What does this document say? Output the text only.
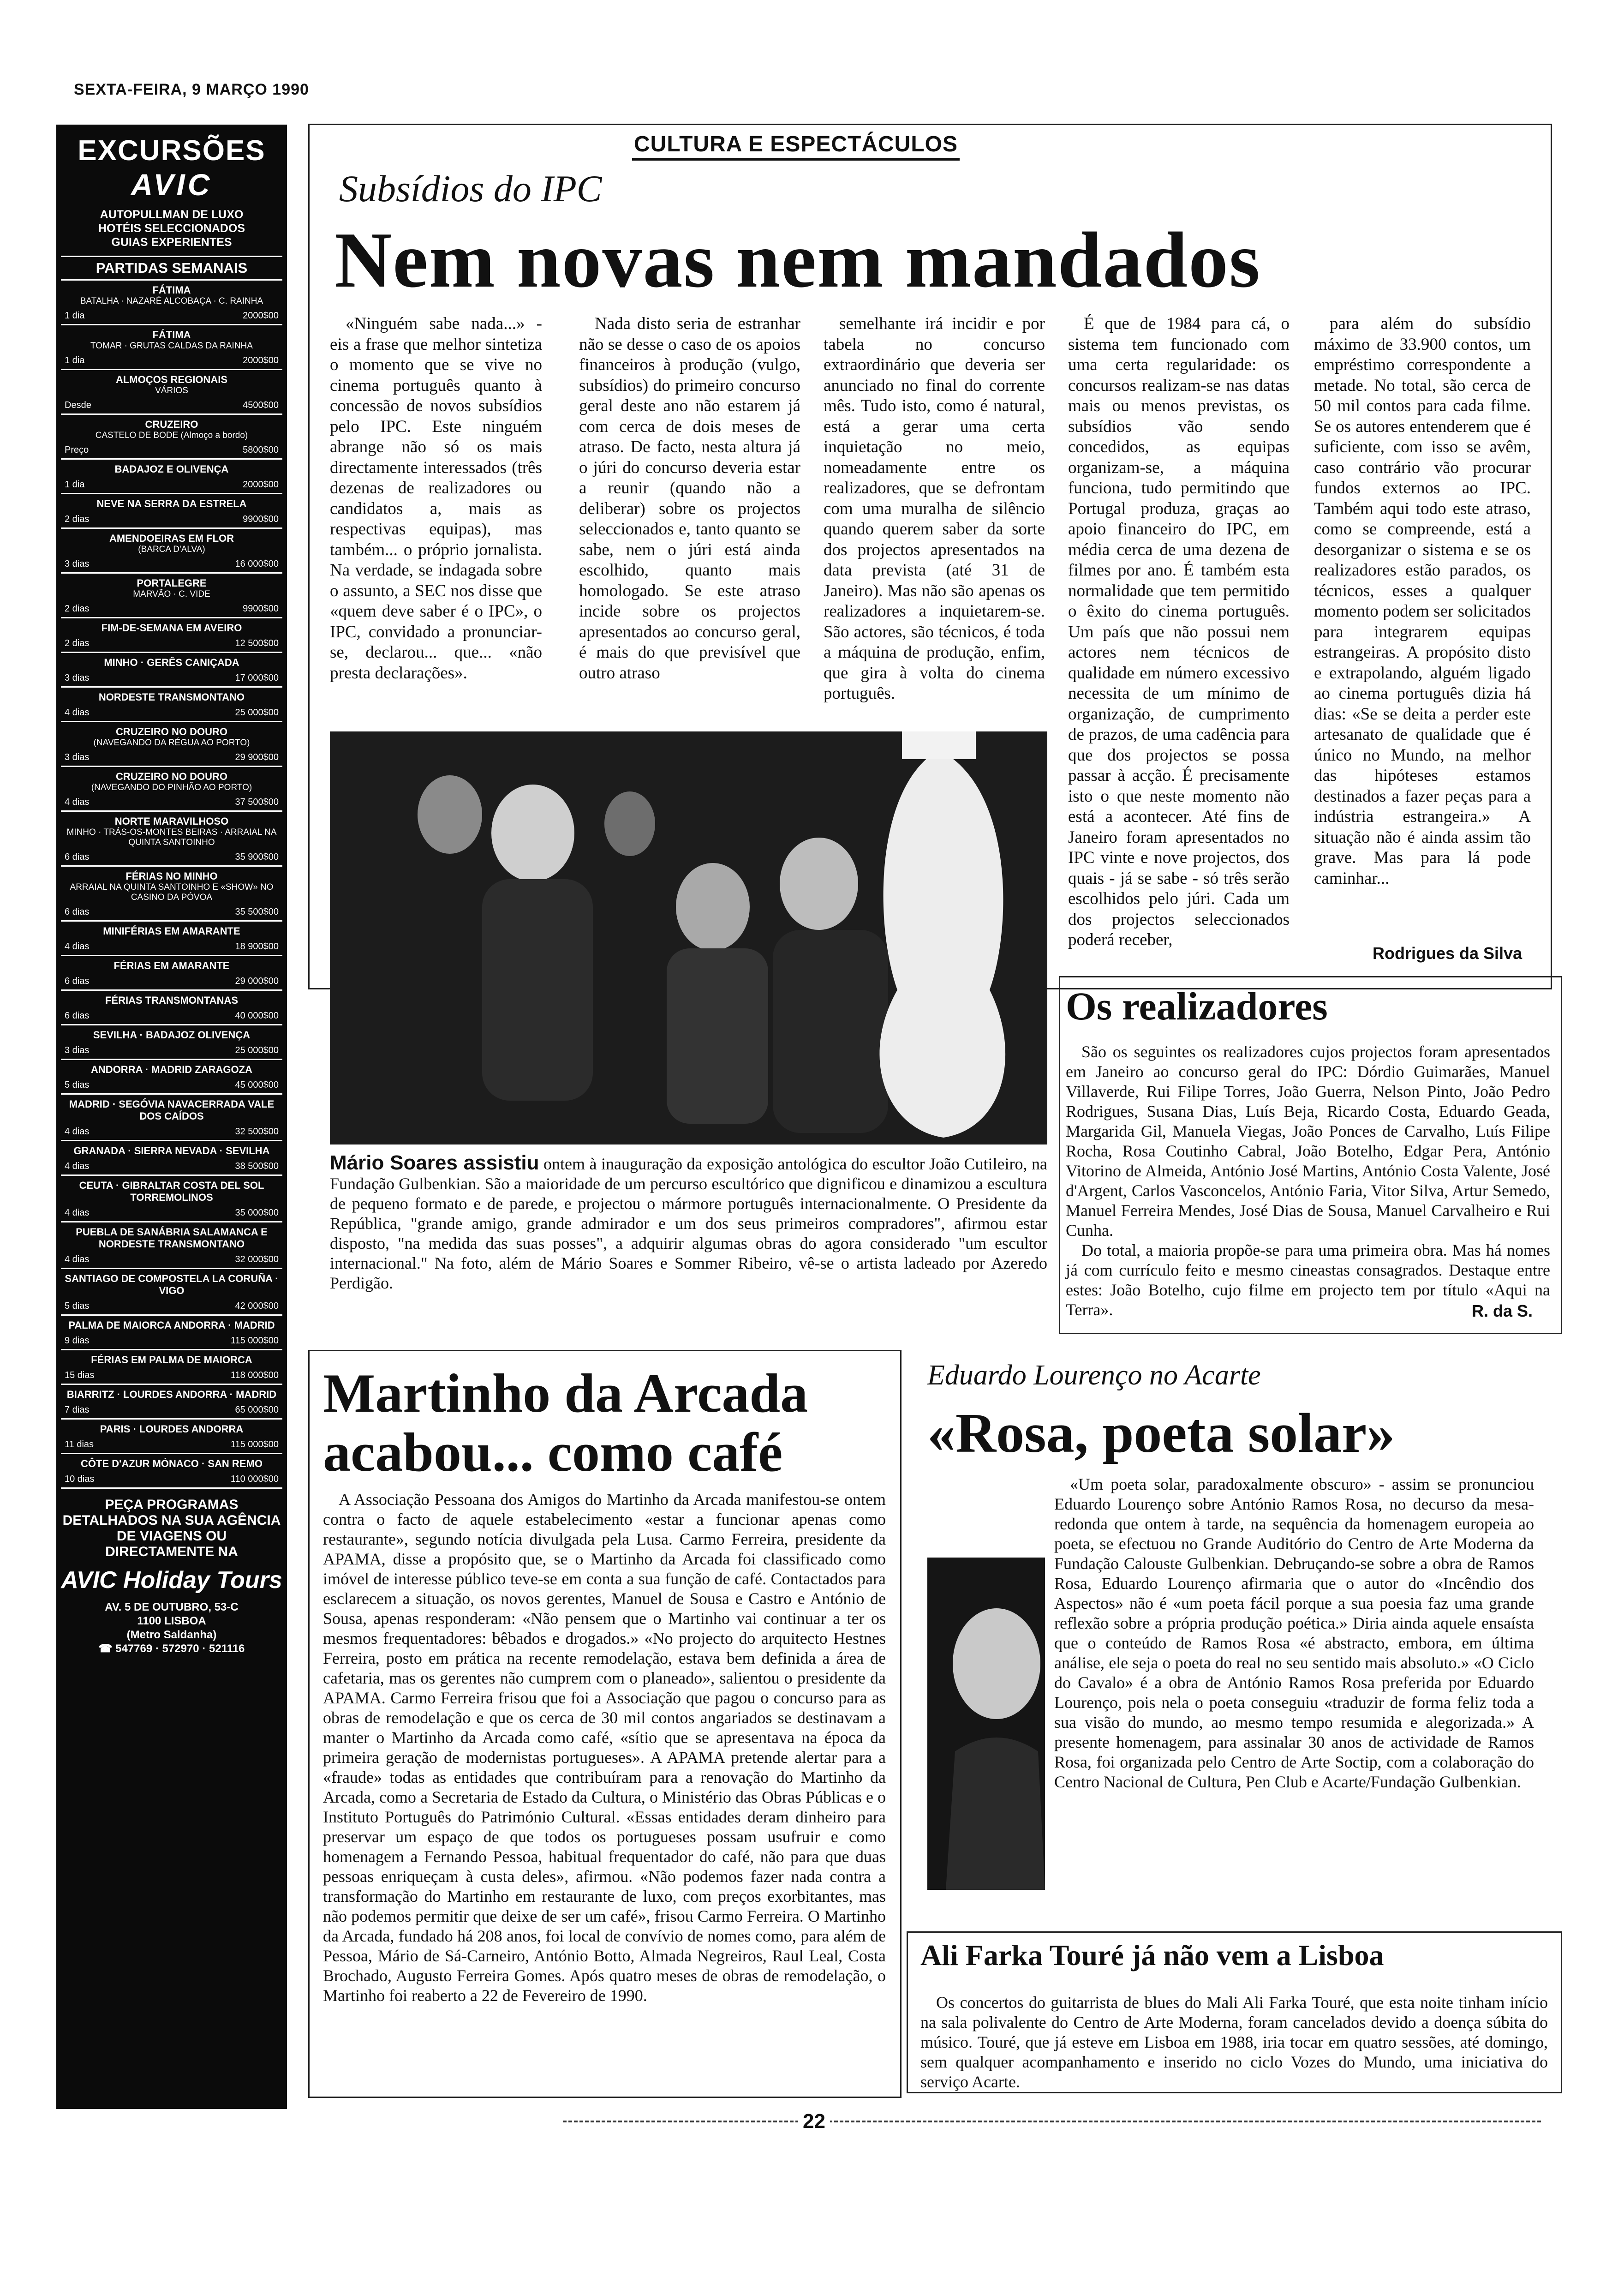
SEXTA-FEIRA, 9 MARÇO 1990
EXCURSÕES
AVIC
AUTOPULLMAN DE LUXO
HOTÉIS SELECCIONADOS
GUIAS EXPERIENTES
PARTIDAS SEMANAIS
FÁTIMA
BATALHA · NAZARÉ ALCOBAÇA · C. RAINHA
1 dia	2000$00
FÁTIMA
TOMAR · GRUTAS CALDAS DA RAINHA
1 dia	2000$00
ALMOÇOS REGIONAIS
VÁRIOS
Desde	4500$00
CRUZEIRO
CASTELO DE BODE (Almoço a bordo)
Preço	5800$00
BADAJOZ E OLIVENÇA
1 dia	2000$00
NEVE NA SERRA DA ESTRELA
2 dias	9900$00
AMENDOEIRAS EM FLOR
(BARCA D'ALVA)
3 dias	16 000$00
PORTALEGRE
MARVÃO · C. VIDE
2 dias	9900$00
FIM-DE-SEMANA EM AVEIRO
2 dias	12 500$00
MINHO · GERÊS CANIÇADA
3 dias	17 000$00
NORDESTE TRANSMONTANO
4 dias	25 000$00
CRUZEIRO NO DOURO
(NAVEGANDO DA RÉGUA AO PORTO)
3 dias	29 900$00
CRUZEIRO NO DOURO
(NAVEGANDO DO PINHÃO AO PORTO)
4 dias	37 500$00
NORTE MARAVILHOSO
MINHO · TRÁS-OS-MONTES BEIRAS · ARRAIAL NA QUINTA SANTOINHO
6 dias	35 900$00
FÉRIAS NO MINHO
ARRAIAL NA QUINTA SANTOINHO E «SHOW» NO CASINO DA PÓVOA
6 dias	35 500$00
MINIFÉRIAS EM AMARANTE
4 dias	18 900$00
FÉRIAS EM AMARANTE
6 dias	29 000$00
FÉRIAS TRANSMONTANAS
6 dias	40 000$00
SEVILHA · BADAJOZ OLIVENÇA
3 dias	25 000$00
ANDORRA · MADRID ZARAGOZA
5 dias	45 000$00
MADRID · SEGÓVIA NAVACERRADA VALE DOS CAÍDOS
4 dias	32 500$00
GRANADA · SIERRA NEVADA · SEVILHA
4 dias	38 500$00
CEUTA · GIBRALTAR COSTA DEL SOL TORREMOLINOS
4 dias	35 000$00
PUEBLA DE SANÁBRIA SALAMANCA E NORDESTE TRANSMONTANO
4 dias	32 000$00
SANTIAGO DE COMPOSTELA LA CORUÑA · VIGO
5 dias	42 000$00
PALMA DE MAIORCA ANDORRA · MADRID
9 dias	115 000$00
FÉRIAS EM PALMA DE MAIORCA
15 dias	118 000$00
BIARRITZ · LOURDES ANDORRA · MADRID
7 dias	65 000$00
PARIS · LOURDES ANDORRA
11 dias	115 000$00
CÔTE D'AZUR MÓNACO · SAN REMO
10 dias	110 000$00
PEÇA PROGRAMAS DETALHADOS NA SUA AGÊNCIA DE VIAGENS OU DIRECTAMENTE NA
AVIC Holiday Tours
AV. 5 DE OUTUBRO, 53-C
1100 LISBOA
(Metro Saldanha)
☎ 547769 · 572970 · 521116
CULTURA E ESPECTÁCULOS
Subsídios do IPC
Nem novas nem mandados

«Ninguém sabe nada...» - eis a frase que melhor sintetiza o momento que se vive no cinema português quanto à concessão de novos subsídios pelo IPC. Este ninguém abrange não só os mais directamente interessados (três dezenas de realizadores ou candidatos a, mais as respectivas equipas), mas também... o próprio jornalista. Na verdade, se indagada sobre o assunto, a SEC nos disse que «quem deve saber é o IPC», o IPC, convidado a pronunciar-se, declarou... que... «não presta declarações».

Nada disto seria de estranhar não se desse o caso de os apoios financeiros à produção (vulgo, subsídios) do primeiro concurso geral deste ano não estarem já com cerca de dois meses de atraso. De facto, nesta altura já o júri do concurso deveria estar a reunir (quando não a deliberar) sobre os projectos seleccionados e, tanto quanto se sabe, nem o júri está ainda escolhido, quanto mais homologado. Se este atraso incide sobre os projectos apresentados ao concurso geral, é mais do que previsível que outro atraso

semelhante irá incidir e por tabela no concurso extraordinário que deveria ser anunciado no final do corrente mês. Tudo isto, como é natural, está a gerar uma certa inquietação no meio, nomeadamente entre os realizadores, que se defrontam com uma muralha de silêncio quando querem saber da sorte dos projectos apresentados na data prevista (até 31 de Janeiro). Mas não são apenas os realizadores a inquietarem-se. São actores, são técnicos, é toda a máquina de produção, enfim, que gira à volta do cinema português.

É que de 1984 para cá, o sistema tem funcionado com uma certa regularidade: os concursos realizam-se nas datas mais ou menos previstas, os subsídios vão sendo concedidos, as equipas organizam-se, a máquina funciona, tudo permitindo que Portugal produza, graças ao apoio financeiro do IPC, em média cerca de uma dezena de filmes por ano. É também esta normalidade que tem permitido o êxito do cinema português. Um país que não possui nem actores nem técnicos de qualidade em número excessivo necessita de um mínimo de organização, de cumprimento de prazos, de uma cadência para que dos projectos se possa passar à acção. É precisamente isto o que neste momento não está a acontecer. Até fins de Janeiro foram apresentados no IPC vinte e nove projectos, dos quais - já se sabe - só três serão escolhidos pelo júri. Cada um dos projectos seleccionados poderá receber,

para além do subsídio máximo de 33.900 contos, um empréstimo correspondente a metade. No total, são cerca de 50 mil contos para cada filme. Se os autores entenderem que é suficiente, com isso se avêm, caso contrário vão procurar fundos externos ao IPC. Também aqui todo este atraso, como se compreende, está a desorganizar o sistema e se os realizadores estão parados, os técnicos, esses a qualquer momento podem ser solicitados para integrarem equipas estrangeiras. A propósito disto e extrapolando, alguém ligado ao cinema português dizia há dias: «Se se deita a perder este artesanato de qualidade que é único no Mundo, na melhor das hipóteses estamos destinados a fazer peças para a indústria estrangeira.» A situação não é ainda assim tão grave. Mas para lá pode caminhar...

Rodrigues da Silva
Mário Soares assistiu ontem à inauguração da exposição antológica do escultor João Cutileiro, na Fundação Gulbenkian. São a maioridade de um percurso escultórico que dignificou e dinamizou a escultura de pequeno formato e de parede, e projectou o mármore português internacionalmente. O Presidente da República, "grande amigo, grande admirador e um dos seus primeiros compradores", afirmou estar disposto, "na medida das suas posses", a adquirir algumas obras do agora considerado "um escultor internacional." Na foto, além de Mário Soares e Sommer Ribeiro, vê-se o artista ladeado por Azeredo Perdigão.
Os realizadores
São os seguintes os realizadores cujos projectos foram apresentados em Janeiro ao concurso geral do IPC: Dórdio Guimarães, Manuel Villaverde, Rui Filipe Torres, João Guerra, Nelson Pinto, João Pedro Rodrigues, Susana Dias, Luís Beja, Ricardo Costa, Eduardo Geada, Margarida Gil, Manuela Viegas, João Ponces de Carvalho, Luís Filipe Rocha, Rosa Coutinho Cabral, João Botelho, Edgar Pera, António Vitorino de Almeida, António José Martins, António Costa Valente, José d'Argent, Carlos Vasconcelos, António Faria, Vitor Silva, Artur Semedo, Manuel Ferreira Mendes, José Dias de Sousa, Manuel Carvalheiro e Rui Cunha.
Do total, a maioria propõe-se para uma primeira obra. Mas há nomes já com currículo feito e mesmo cineastas consagrados. Destaque entre estes: João Botelho, cujo filme em projecto tem por título «Aqui na Terra».	R. da S.
Martinho da Arcada acabou... como café
A Associação Pessoana dos Amigos do Martinho da Arcada manifestou-se ontem contra o facto de aquele estabelecimento «estar a funcionar apenas como restaurante», segundo notícia divulgada pela Lusa. Carmo Ferreira, presidente da APAMA, disse a propósito que, se o Martinho da Arcada foi classificado como imóvel de interesse público teve-se em conta a sua função de café. Contactados para esclarecem a situação, os novos gerentes, Manuel de Sousa e Castro e António de Sousa, apenas responderam: «Não pensem que o Martinho vai continuar a ter os mesmos frequentadores: bêbados e drogados.» «No projecto do arquitecto Hestnes Ferreira, posto em prática na recente remodelação, estava bem definida a área de cafetaria, mas os gerentes não cumprem com o planeado», salientou o presidente da APAMA. Carmo Ferreira frisou que foi a Associação que pagou o concurso para as obras de remodelação e que os cerca de 30 mil contos angariados se destinavam a manter o Martinho da Arcada como café, «sítio que se apresentava na época da primeira geração de modernistas portugueses». A APAMA pretende alertar para a «fraude» todas as entidades que contribuíram para a renovação do Martinho da Arcada, como a Secretaria de Estado da Cultura, o Ministério das Obras Públicas e o Instituto Português do Património Cultural. «Essas entidades deram dinheiro para preservar um espaço de que todos os portugueses possam usufruir e como homenagem a Fernando Pessoa, habitual frequentador do café, não para que duas pessoas enriqueçam à custa deles», afirmou. «Não podemos fazer nada contra a transformação do Martinho em restaurante de luxo, com preços exorbitantes, mas não podemos permitir que deixe de ser um café», frisou Carmo Ferreira. O Martinho da Arcada, fundado há 208 anos, foi local de convívio de nomes como, para além de Pessoa, Mário de Sá-Carneiro, António Botto, Almada Negreiros, Raul Leal, Costa Brochado, Augusto Ferreira Gomes. Após quatro meses de obras de remodelação, o Martinho foi reaberto a 22 de Fevereiro de 1990.
Eduardo Lourenço no Acarte
«Rosa, poeta solar»
«Um poeta solar, paradoxalmente obscuro» - assim se pronunciou Eduardo Lourenço sobre António Ramos Rosa, no decurso da mesa-redonda que ontem à tarde, na sequência da homenagem europeia ao poeta, se efectuou no Grande Auditório do Centro de Arte Moderna da Fundação Calouste Gulbenkian. Debruçando-se sobre a obra de Ramos Rosa, Eduardo Lourenço afirmaria que o autor do «Incêndio dos Aspectos» não é «um poeta fácil porque a sua poesia faz uma grande reflexão sobre a própria produção poética.» Diria ainda aquele ensaísta que o conteúdo de Ramos Rosa «é abstracto, embora, em última análise, ele seja o poeta do real no seu sentido mais absoluto.» «O Ciclo do Cavalo» é a obra de António Ramos Rosa preferida por Eduardo Lourenço, pois nela o poeta conseguiu «traduzir de forma feliz toda a sua visão do mundo, ao mesmo tempo resumida e alegorizada.» A presente homenagem, para assinalar 30 anos de actividade de Ramos Rosa, foi organizada pelo Centro de Arte Soctip, com a colaboração do Centro Nacional de Cultura, Pen Club e Acarte/Fundação Gulbenkian.
Ali Farka Touré já não vem a Lisboa
Os concertos do guitarrista de blues do Mali Ali Farka Touré, que esta noite tinham início na sala polivalente do Centro de Arte Moderna, foram cancelados devido a doença súbita do músico. Touré, que já esteve em Lisboa em 1988, iria tocar em quatro sessões, até domingo, sem qualquer acompanhamento e inserido no ciclo Vozes do Mundo, uma iniciativa do serviço Acarte.
22
